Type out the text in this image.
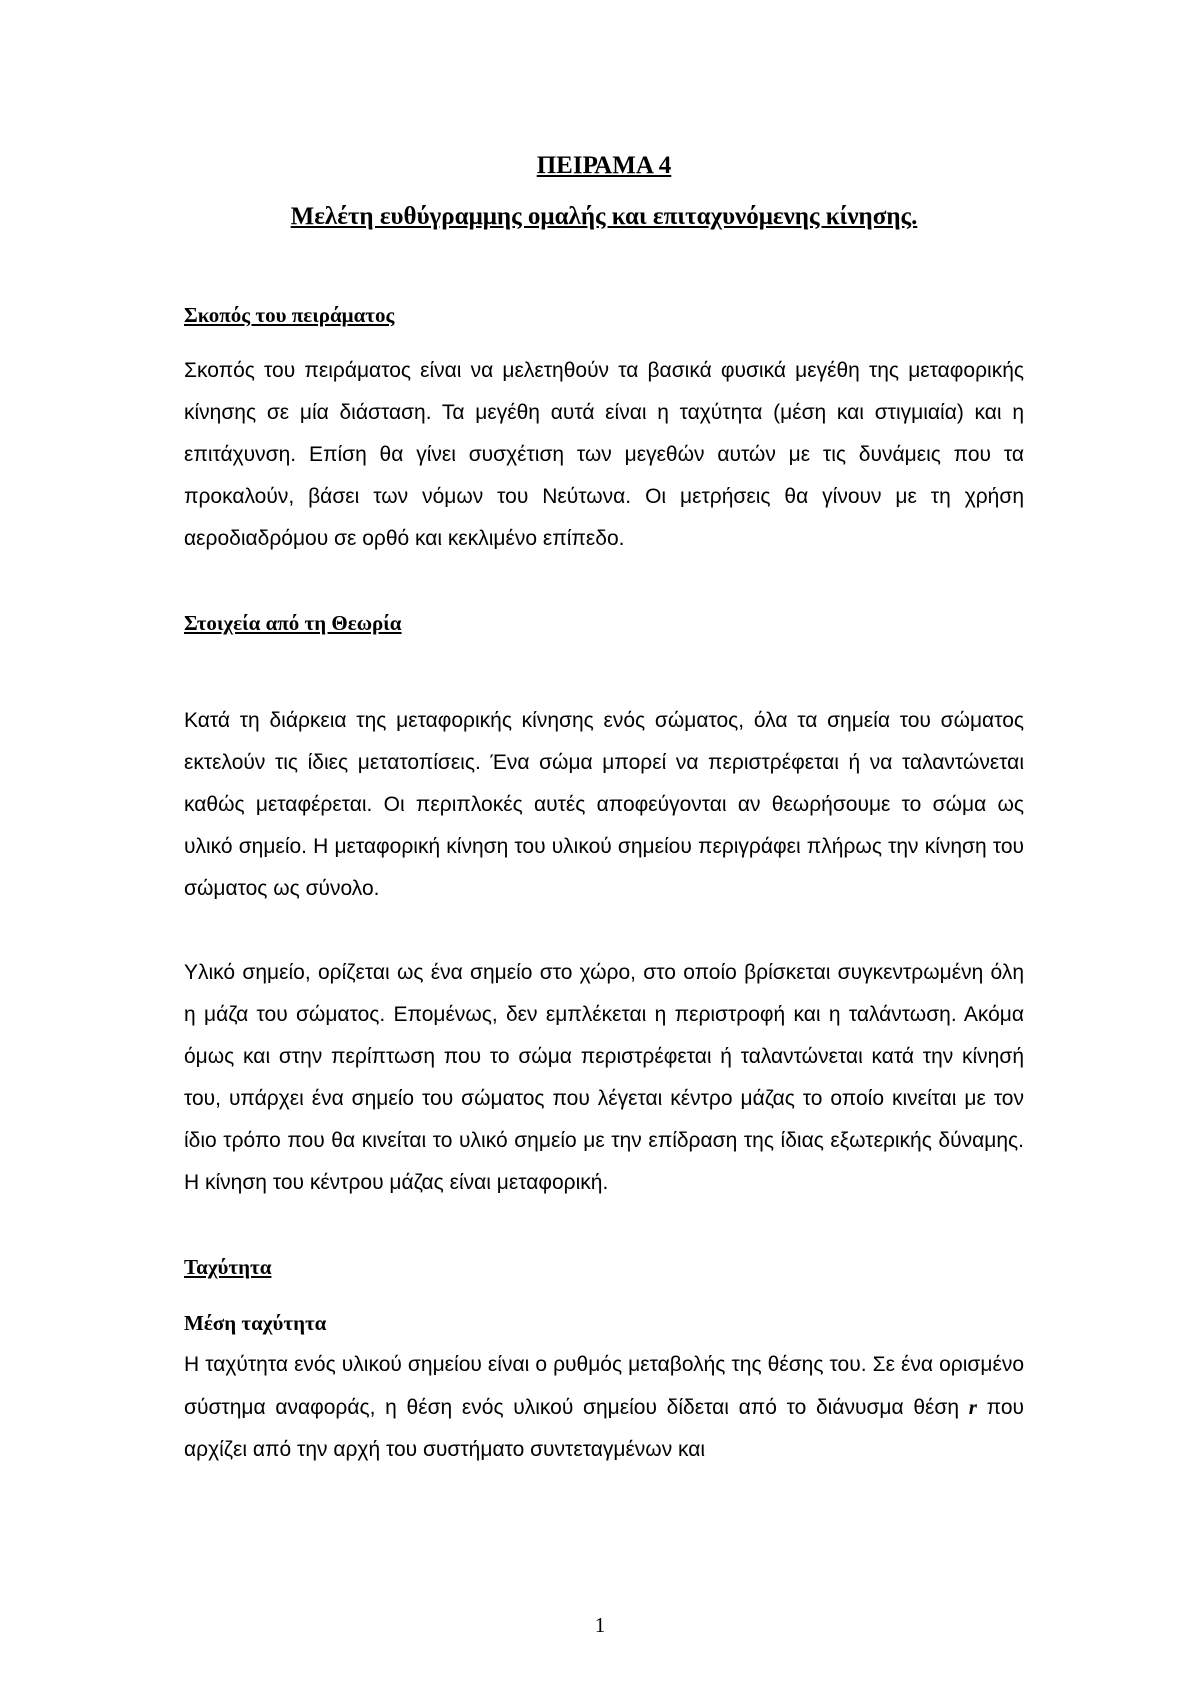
ΠΕΙΡΑΜΑ 4
Μελέτη ευθύγραμμης ομαλής και επιταχυνόμενης κίνησης.
Σκοπός του πειράματος

Σκοπός του πειράματος είναι να μελετηθούν τα βασικά φυσικά μεγέθη της μεταφορικής κίνησης σε μία διάσταση. Τα μεγέθη αυτά είναι η ταχύτητα (μέση και στιγμιαία) και η επιτάχυνση. Επίση θα γίνει συσχέτιση των μεγεθών αυτών με τις δυνάμεις που τα προκαλούν, βάσει των νόμων του Νεύτωνα. Οι μετρήσεις θα γίνουν με τη χρήση αεροδιαδρόμου σε ορθό και κεκλιμένο επίπεδο.

Στοιχεία από τη Θεωρία

Κατά τη διάρκεια της μεταφορικής κίνησης ενός σώματος, όλα τα σημεία του σώματος εκτελούν τις ίδιες μετατοπίσεις. Ένα σώμα μπορεί να περιστρέφεται ή να ταλαντώνεται καθώς μεταφέρεται. Οι περιπλοκές αυτές αποφεύγονται αν θεωρήσουμε το σώμα ως υλικό σημείο. Η μεταφορική κίνηση του υλικού σημείου περιγράφει πλήρως την κίνηση του σώματος ως σύνολο.

Υλικό σημείο, ορίζεται ως ένα σημείο στο χώρο, στο οποίο βρίσκεται συγκεντρωμένη όλη η μάζα του σώματος. Επομένως, δεν εμπλέκεται η περιστροφή και η ταλάντωση. Ακόμα όμως και στην περίπτωση που το σώμα περιστρέφεται ή ταλαντώνεται κατά την κίνησή του, υπάρχει ένα σημείο του σώματος που λέγεται κέντρο μάζας το οποίο κινείται με τον ίδιο τρόπο που θα κινείται το υλικό σημείο με την επίδραση της ίδιας εξωτερικής δύναμης. Η κίνηση του κέντρου μάζας είναι μεταφορική.

Ταχύτητα
Μέση ταχύτητα

Η ταχύτητα ενός υλικού σημείου είναι ο ρυθμός μεταβολής της θέσης του. Σε ένα ορισμένο σύστημα αναφοράς, η θέση ενός υλικού σημείου δίδεται από το διάνυσμα θέση r που αρχίζει από την αρχή του συστήματο συντεταγμένων και

1
